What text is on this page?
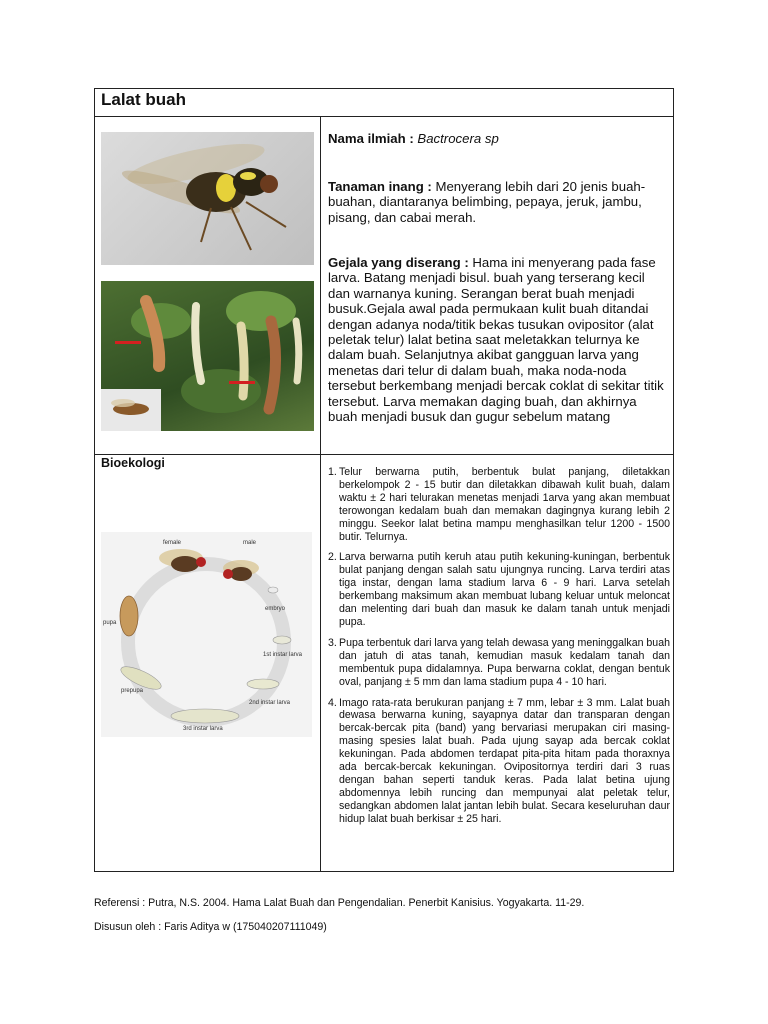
Lalat buah
Nama ilmiah : Bactrocera sp
Tanaman inang : Menyerang lebih dari 20 jenis buah-buahan, diantaranya belimbing, pepaya, jeruk, jambu, pisang, dan cabai merah.
Gejala yang diserang : Hama ini menyerang pada fase larva. Batang menjadi bisul. buah yang terserang kecil dan warnanya kuning. Serangan berat buah menjadi busuk.Gejala awal pada permukaan kulit buah ditandai dengan adanya noda/titik bekas tusukan ovipositor (alat peletak telur) lalat betina saat meletakkan telurnya ke dalam buah. Selanjutnya akibat gangguan larva yang menetas dari telur di dalam buah, maka noda-noda tersebut berkembang menjadi bercak coklat di sekitar titik tersebut. Larva memakan daging buah, dan akhirnya buah menjadi busuk dan gugur sebelum matang
Bioekologi
female	male
embryo
1st instar larva
2nd instar larva
3rd instar larva
prepupa
pupa
1. Telur berwarna putih, berbentuk bulat panjang, diletakkan berkelompok 2 - 15 butir dan diletakkan dibawah kulit buah, dalam waktu ± 2 hari telurakan menetas menjadi 1arva yang akan membuat terowongan kedalam buah dan memakan dagingnya kurang lebih 2 minggu. Seekor lalat betina mampu menghasilkan telur 1200 - 1500 butir. Telurnya.
2. Larva berwarna putih keruh atau putih kekuning-kuningan, berbentuk bulat panjang dengan salah satu ujungnya runcing. Larva terdiri atas tiga instar, dengan lama stadium larva 6 - 9 hari. Larva setelah berkembang maksimum akan membuat lubang keluar untuk meloncat dan melenting dari buah dan masuk ke dalam tanah untuk menjadi pupa.
3. Pupa terbentuk dari larva yang telah dewasa yang meninggalkan buah dan jatuh di atas tanah, kemudian masuk kedalam tanah dan membentuk pupa didalamnya. Pupa berwarna coklat, dengan bentuk oval, panjang ± 5 mm dan lama stadium pupa 4 - 10 hari.
4. Imago rata-rata berukuran panjang ± 7 mm, lebar ± 3 mm. Lalat buah dewasa berwarna kuning, sayapnya datar dan transparan dengan bercak-bercak pita (band) yang bervariasi merupakan ciri masing-masing spesies lalat buah. Pada ujung sayap ada bercak coklat kekuningan. Pada abdomen terdapat pita-pita hitam pada thoraxnya ada bercak-bercak kekuningan. Ovipositornya terdiri dari 3 ruas dengan bahan seperti tanduk keras. Pada lalat betina ujung abdomennya lebih runcing dan mempunyai alat peletak telur, sedangkan abdomen lalat jantan lebih bulat. Secara keseluruhan daur hidup lalat buah berkisar ± 25 hari.
Referensi : Putra, N.S. 2004. Hama Lalat Buah dan Pengendalian. Penerbit Kanisius. Yogyakarta. 11-29.
Disusun oleh : Faris Aditya w (175040207111049)
